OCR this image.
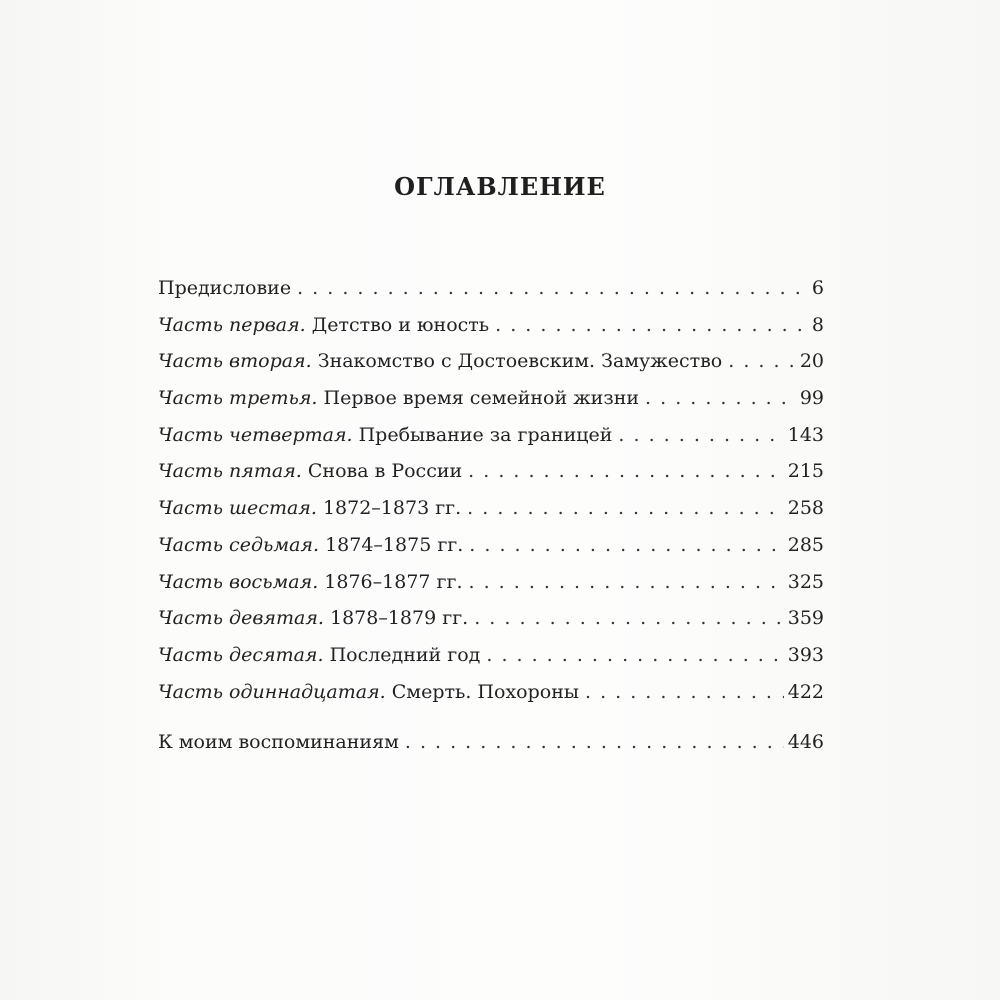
ОГЛАВЛЕНИЕ
Предисловие . . .	6
Часть первая. Детство и юность . . .	8
Часть вторая. Знакомство с Достоевским. Замужество . . .	20
Часть третья. Первое время семейной жизни . . .	99
Часть четвертая. Пребывание за границей . . .	143
Часть пятая. Снова в России . . .	215
Часть шестая. 1872–1873 гг. . . .	258
Часть седьмая. 1874–1875 гг. . . .	285
Часть восьмая. 1876–1877 гг. . . .	325
Часть девятая. 1878–1879 гг. . . .	359
Часть десятая. Последний год . . .	393
Часть одиннадцатая. Смерть. Похороны . . .	422
К моим воспоминаниям . . .	446
